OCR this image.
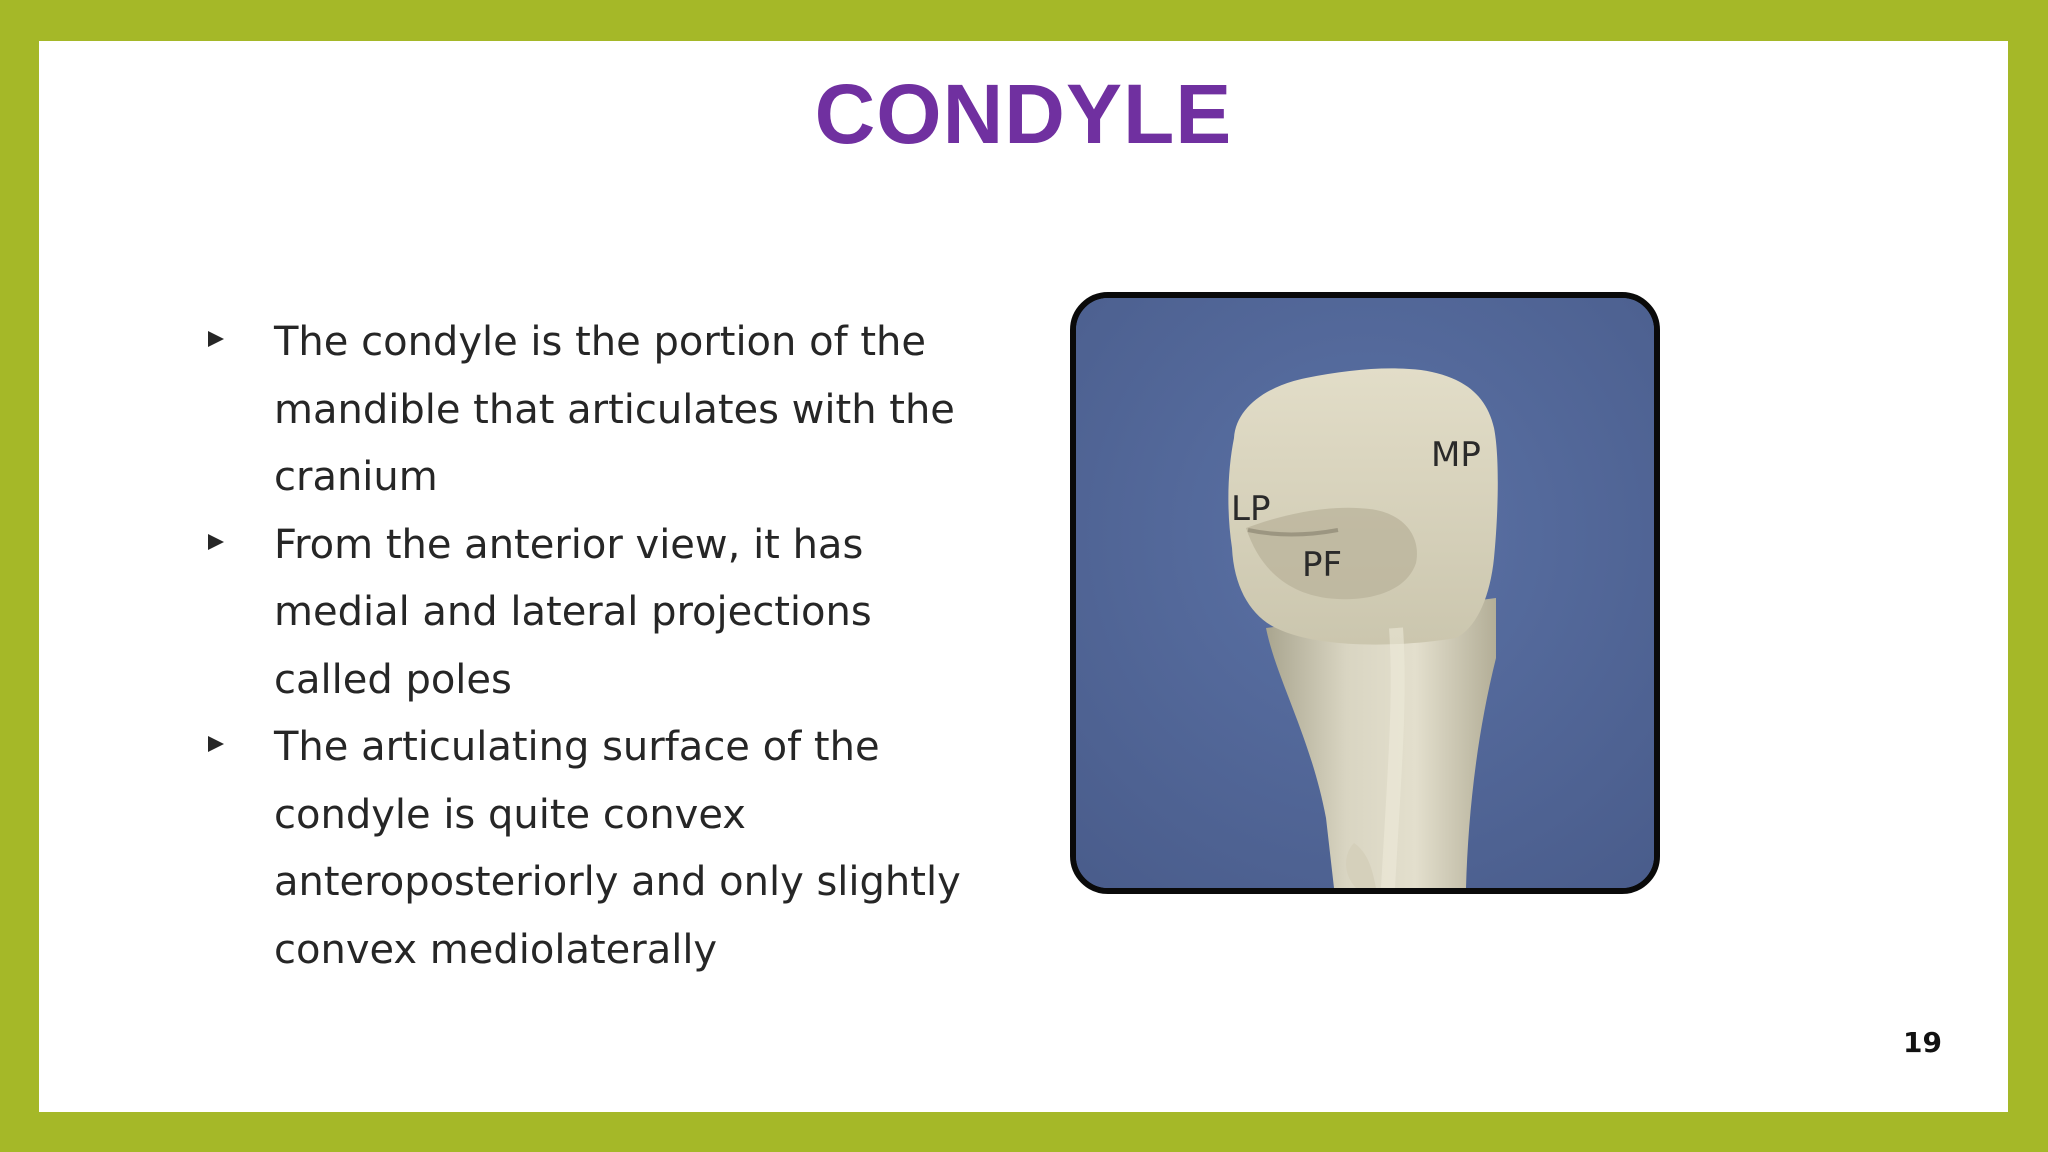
CONDYLE
The condyle is the portion of the mandible that articulates with the cranium
From the anterior view, it has medial and lateral projections called poles
The articulating surface of the condyle is quite convex anteroposteriorly and only slightly convex mediolaterally
MP
LP
PF
19
